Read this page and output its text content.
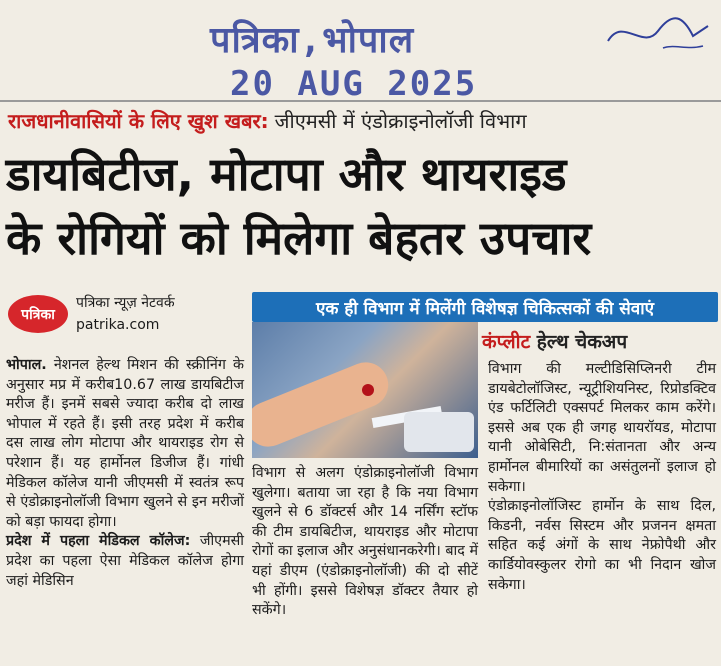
पत्रिका,भोपाल
20 AUG 2025
राजधानीवासियों के लिए खुश खबर: जीएमसी में एंडोक्राइनोलॉजी विभाग
डायबिटीज, मोटापा और थायराइड
के रोगियों को मिलेगा बेहतर उपचार
पत्रिका
पत्रिका न्यूज़ नेटवर्क
patrika.com
एक ही विभाग में मिलेंगी विशेषज्ञ चिकित्सकों की सेवाएं
कंप्लीट हेल्थ चेकअप

भोपाल. नेशनल हेल्थ मिशन की स्क्रीनिंग के अनुसार मप्र में करीब10.67 लाख डायबिटीज मरीज हैं। इनमें सबसे ज्यादा करीब दो लाख भोपाल में रहते हैं। इसी तरह प्रदेश में करीब दस लाख लोग मोटापा और थायराइड रोग से परेशान हैं। यह हार्मोनल डिजीज हैं। गांधी मेडिकल कॉलेज यानी जीएमसी में स्वतंत्र रूप से एंडोक्राइनोलॉजी विभाग खुलने से इन मरीजों को बड़ा फायदा होगा।

प्रदेश में पहला मेडिकल कॉलेज: जीएमसी प्रदेश का पहला ऐसा मेडिकल कॉलेज होगा जहां मेडिसिन

विभाग से अलग एंडोक्राइनोलॉजी विभाग खुलेगा। बताया जा रहा है कि नया विभाग खुलने से 6 डॉक्टर्स और 14 नर्सिंग स्टॉफ की टीम डायबिटीज, थायराइड और मोटापा रोगों का इलाज और अनुसंधानकरेगी। बाद में यहां डीएम (एंडोक्राइनोलॉजी) की दो सीटें भी होंगी। इससे विशेषज्ञ डॉक्टर तैयार हो सकेंगे।

विभाग की मल्टीडिसिप्लिनरी टीम डायबेटोलॉजिस्ट, न्यूट्रीशियनिस्ट, रिप्रोडक्टिव एंड फर्टिलिटी एक्सपर्ट मिलकर काम करेंगे। इससे अब एक ही जगह थायरॉयड, मोटापा यानी ओबेसिटी, नि:संतानता और अन्य हार्मोनल बीमारियों का असंतुलनों इलाज हो सकेगा।

एंडोक्राइनोलॉजिस्ट हार्मोन के साथ दिल, किडनी, नर्वस सिस्टम और प्रजनन क्षमता सहित कई अंगों के साथ नेफ्रोपैथी और कार्डियोवस्कुलर रोगो का भी निदान खोज सकेगा।
